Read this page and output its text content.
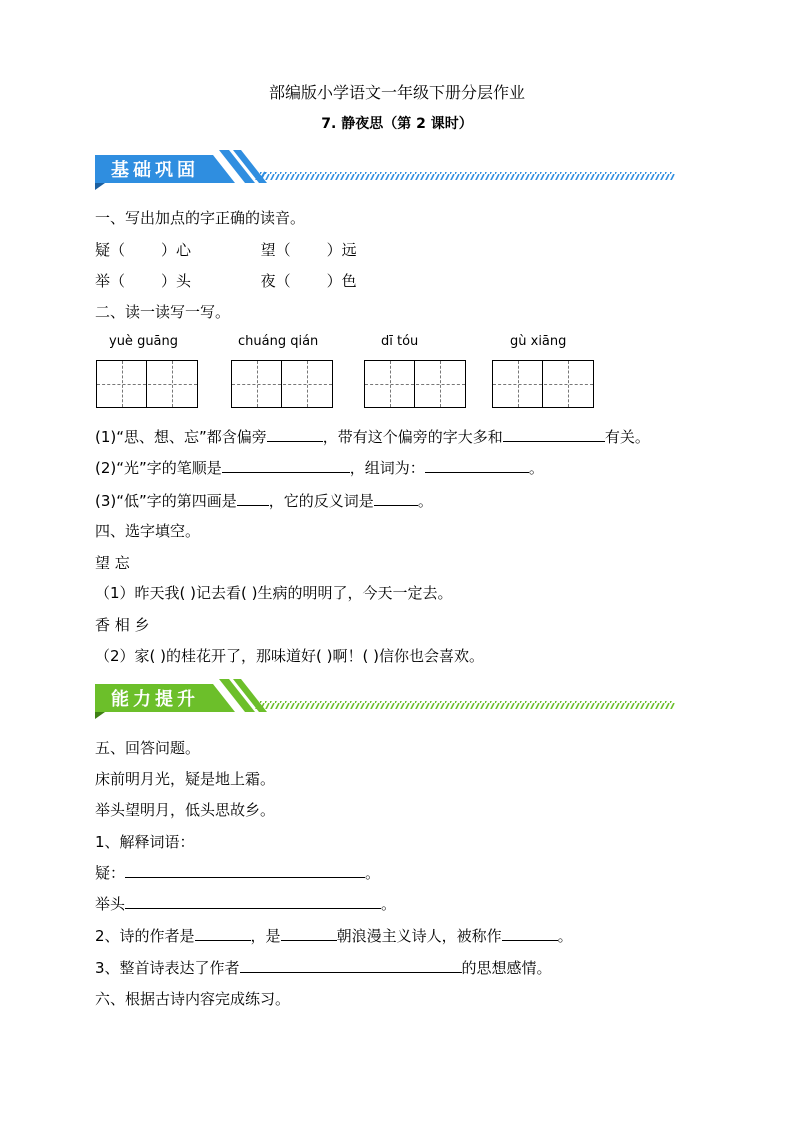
部编版小学语文一年级下册分层作业
7. 静夜思（第 2 课时）
基础巩固
一、写出加点的字正确的读音。
疑（ ）心	望（ ）远
举（ ）头	夜（ ）色
二、读一读写一写。
yuè guāng	chuáng qián	dī tóu	gù xiāng
(1)“思、想、忘”都含偏旁	，带有这个偏旁的字大多和	有关。
(2)“光”字的笔顺是	，组词为：	。
(3)“低”字的第四画是 ，它的反义词是	。
四、选字填空。
望 忘
（1）昨天我( )记去看( )生病的明明了，今天一定去。
香 相 乡
（2）家( )的桂花开了，那味道好( )啊！( )信你也会喜欢。
能力提升
五、回答问题。
床前明月光，疑是地上霜。
举头望明月，低头思故乡。
1、解释词语：
疑：	。
举头	。
2、诗的作者是	，是	朝浪漫主义诗人，被称作	。
3、整首诗表达了作者	的思想感情。
六、根据古诗内容完成练习。
